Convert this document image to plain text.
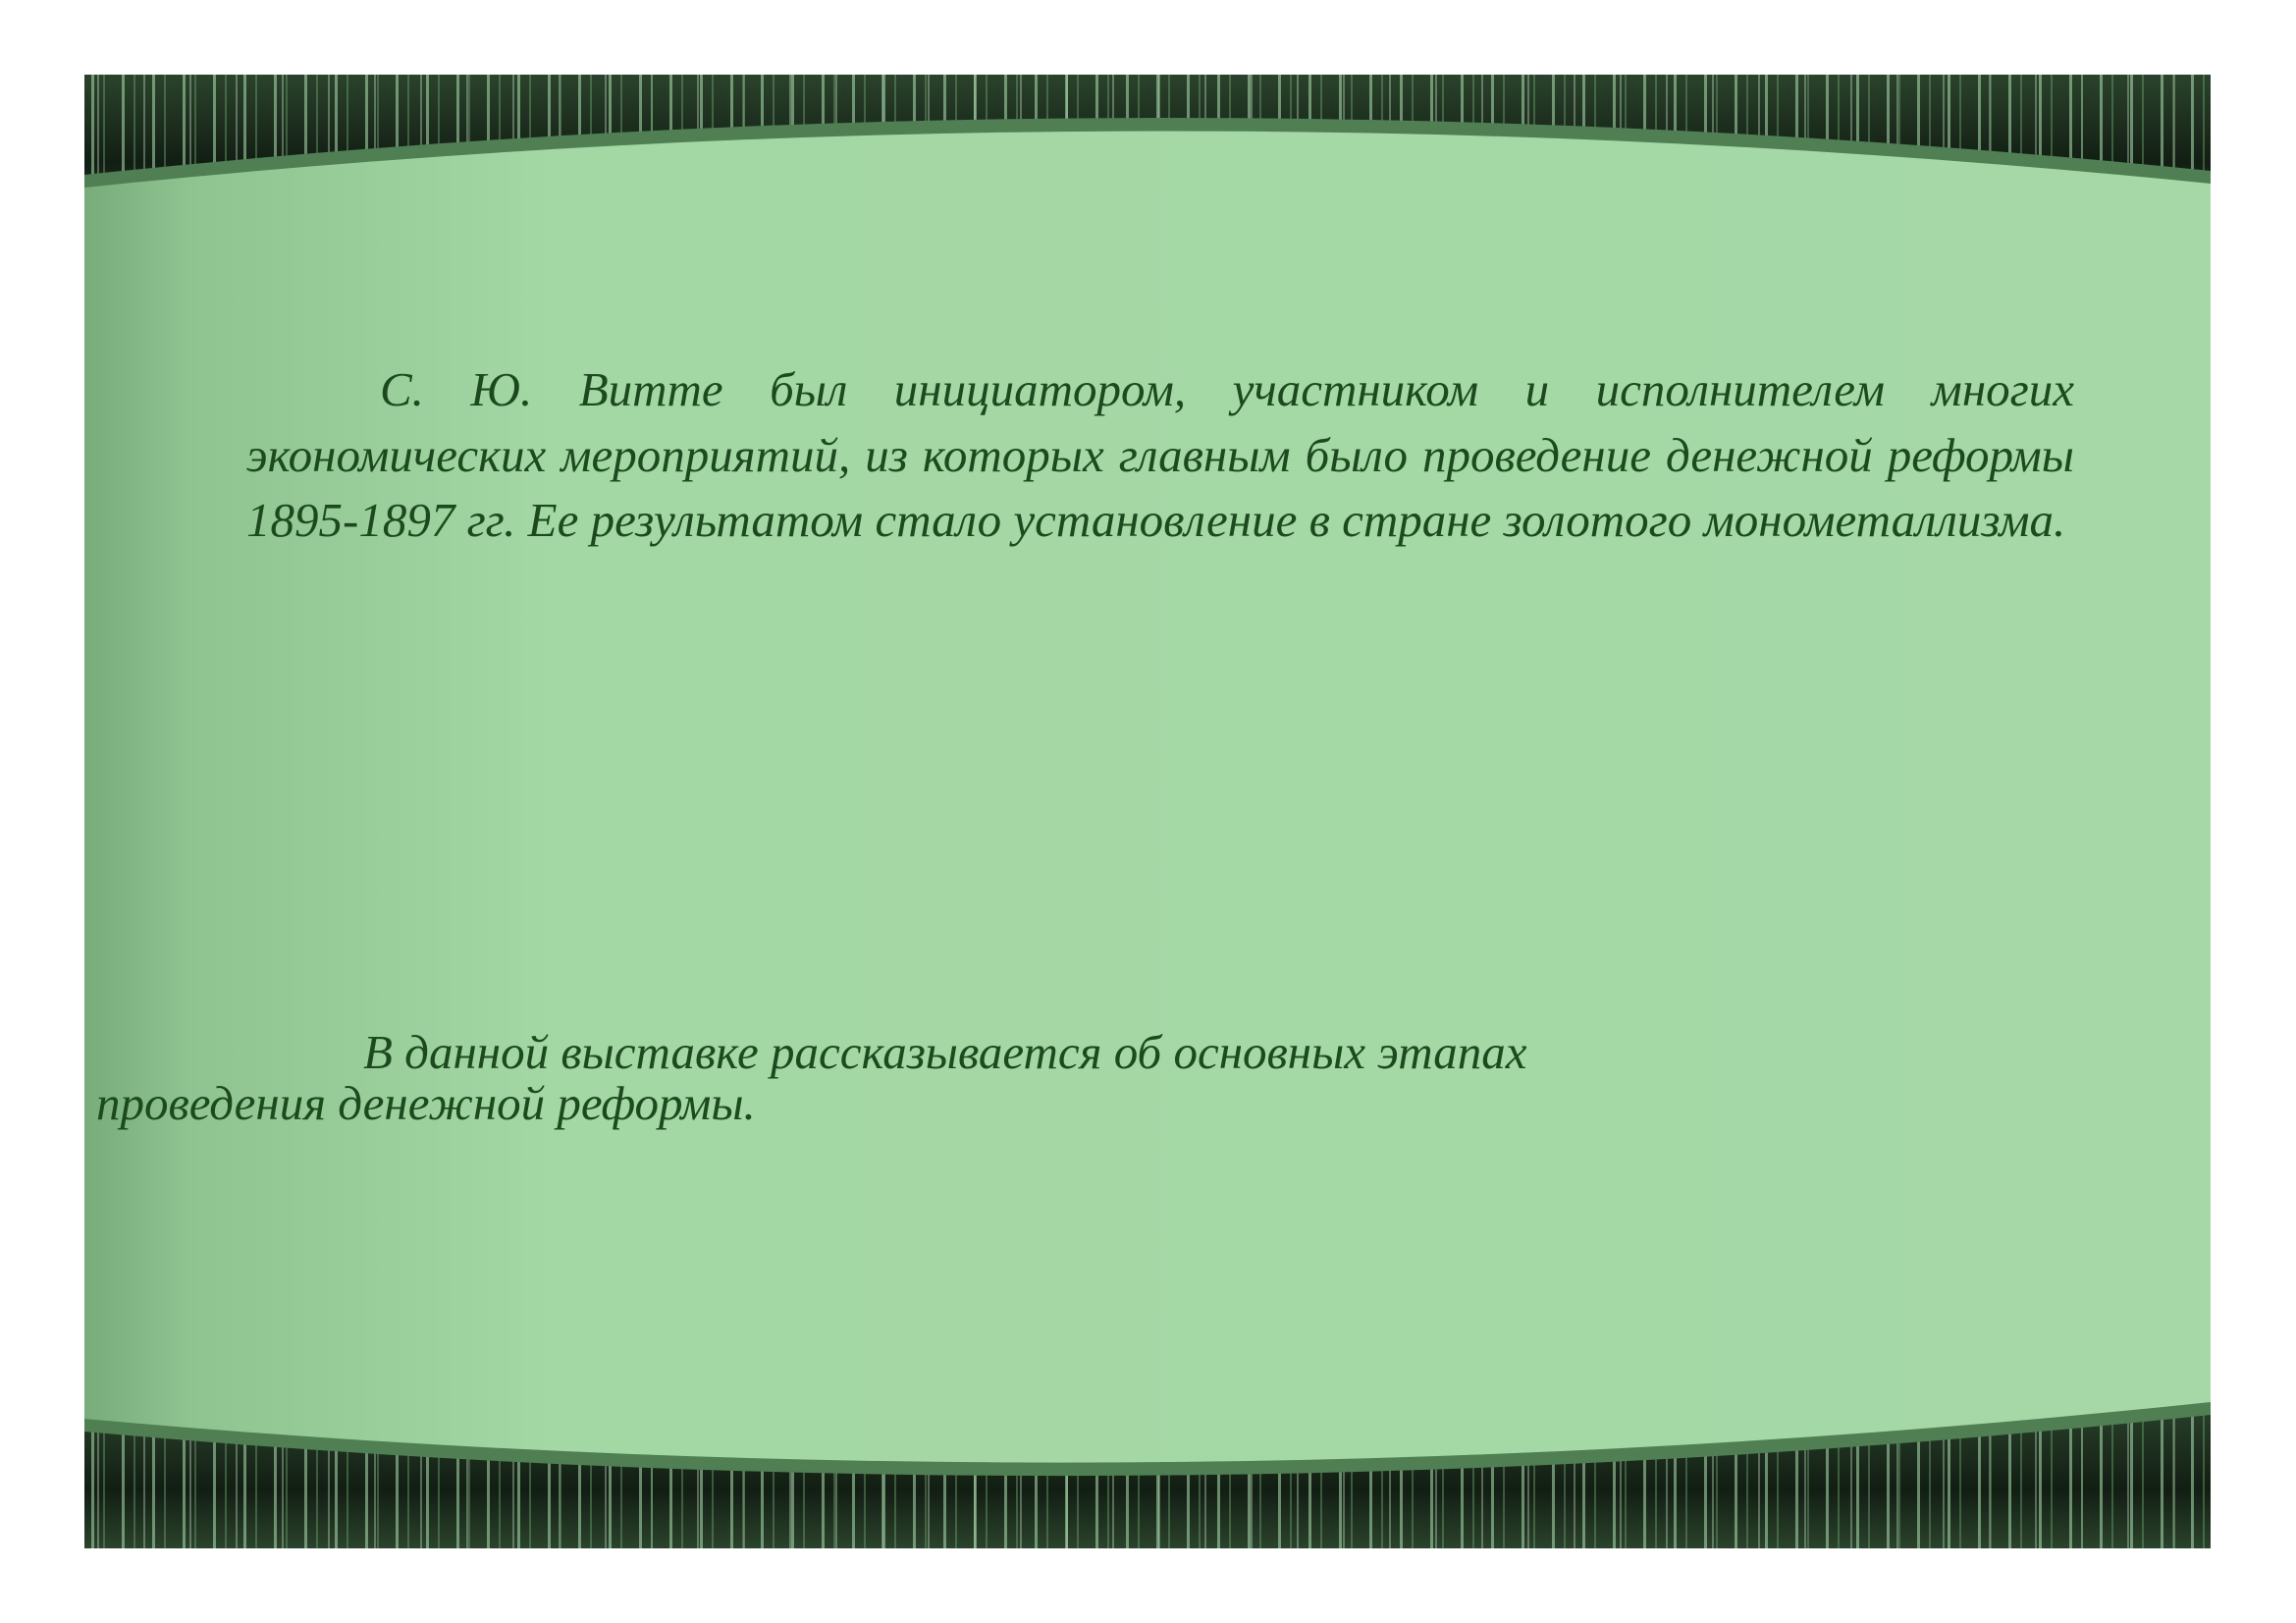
С. Ю. Витте был инициатором, участником и исполнителем многих экономических мероприятий, из которых главным было проведение денежной реформы 1895-1897 гг. Ее результатом стало установление в стране золотого монометаллизма.

В данной выставке рассказывается об основных этапах
проведения денежной реформы.
